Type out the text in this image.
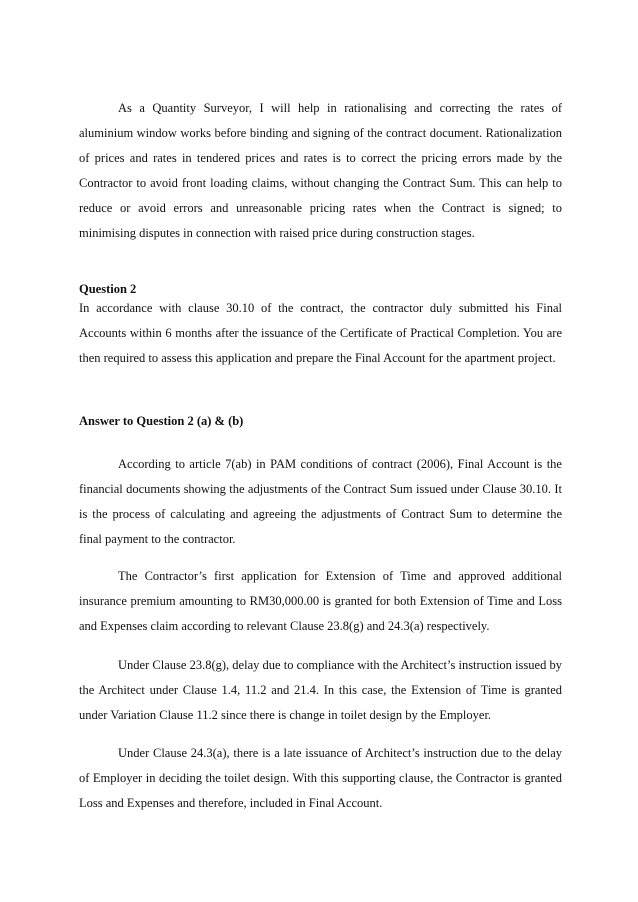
As a Quantity Surveyor, I will help in rationalising and correcting the rates of aluminium window works before binding and signing of the contract document. Rationalization of prices and rates in tendered prices and rates is to correct the pricing errors made by the Contractor to avoid front loading claims, without changing the Contract Sum. This can help to reduce or avoid errors and unreasonable pricing rates when the Contract is signed; to minimising disputes in connection with raised price during construction stages.

Question 2

In accordance with clause 30.10 of the contract, the contractor duly submitted his Final Accounts within 6 months after the issuance of the Certificate of Practical Completion. You are then required to assess this application and prepare the Final Account for the apartment project.

Answer to Question 2 (a) & (b)

According to article 7(ab) in PAM conditions of contract (2006), Final Account is the financial documents showing the adjustments of the Contract Sum issued under Clause 30.10. It is the process of calculating and agreeing the adjustments of Contract Sum to determine the final payment to the contractor.

The Contractor’s first application for Extension of Time and approved additional insurance premium amounting to RM30,000.00 is granted for both Extension of Time and Loss and Expenses claim according to relevant Clause 23.8(g) and 24.3(a) respectively.

Under Clause 23.8(g), delay due to compliance with the Architect’s instruction issued by the Architect under Clause 1.4, 11.2 and 21.4. In this case, the Extension of Time is granted under Variation Clause 11.2 since there is change in toilet design by the Employer.

Under Clause 24.3(a), there is a late issuance of Architect’s instruction due to the delay of Employer in deciding the toilet design. With this supporting clause, the Contractor is granted Loss and Expenses and therefore, included in Final Account.
